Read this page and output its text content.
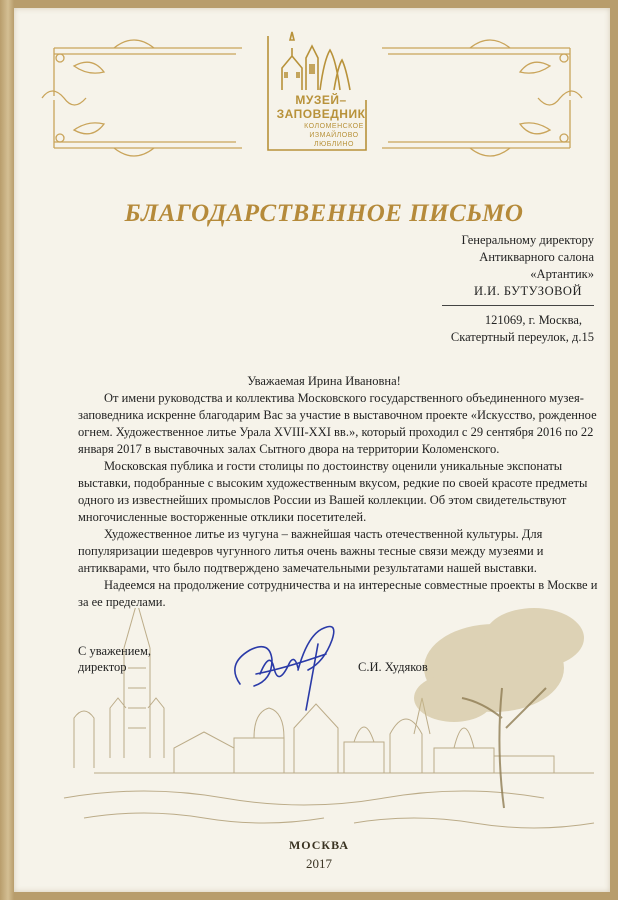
МУЗЕЙ–
ЗАПОВЕДНИК
КОЛОМЕНСКОЕ
ИЗМАЙЛОВО
ЛЮБЛИНО
БЛАГОДАРСТВЕННОЕ ПИСЬМО
Генеральному директору
Антикварного салона
«Артантик»
И.И. БУТУЗОВОЙ
121069, г. Москва,
Скатертный переулок, д.15
Уважаемая Ирина Ивановна!

От имени руководства и коллектива Московского государственного объединенного музея-заповедника искренне благодарим Вас за участие в выставочном проекте «Искусство, рожденное огнем. Художественное литье Урала XVIII-XXI вв.», который проходил с 29 сентября 2016 по 22 января 2017 в выставочных залах Сытного двора на территории Коломенского.

Московская публика и гости столицы по достоинству оценили уникальные экспонаты выставки, подобранные с высоким художественным вкусом, редкие по своей красоте предметы одного из известнейших промыслов России из Вашей коллекции. Об этом свидетельствуют многочисленные восторженные отклики посетителей.

Художественное литье из чугуна – важнейшая часть отечественной культуры. Для популяризации шедевров чугунного литья очень важны тесные связи между музеями и антикварами, что было подтверждено замечательными результатами нашей выставки.

Надеемся на продолжение сотрудничества и на интересные совместные проекты в Москве и за ее пределами.

С уважением,
директор	С.И. Худяков
МОСКВА
2017
